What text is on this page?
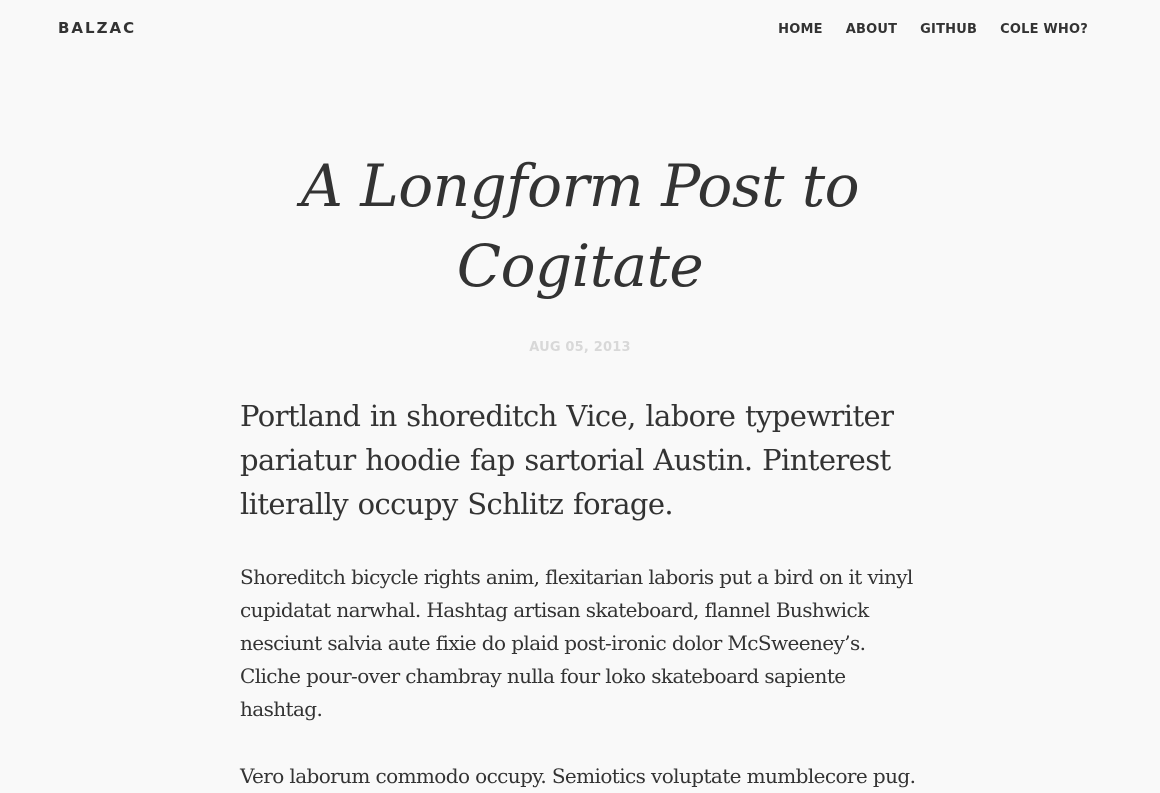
BALZAC	HOME ABOUT GITHUB COLE WHO?
A Longform Post to Cogitate
AUG 05, 2013

Portland in shoreditch Vice, labore typewriter pariatur hoodie fap sartorial Austin. Pinterest literally occupy Schlitz forage.

Shoreditch bicycle rights anim, flexitarian laboris put a bird on it vinyl cupidatat narwhal. Hashtag artisan skateboard, flannel Bushwick nesciunt salvia aute fixie do plaid post-ironic dolor McSweeney’s. Cliche pour-over chambray nulla four loko skateboard sapiente hashtag.

Vero laborum commodo occupy. Semiotics voluptate mumblecore pug.
